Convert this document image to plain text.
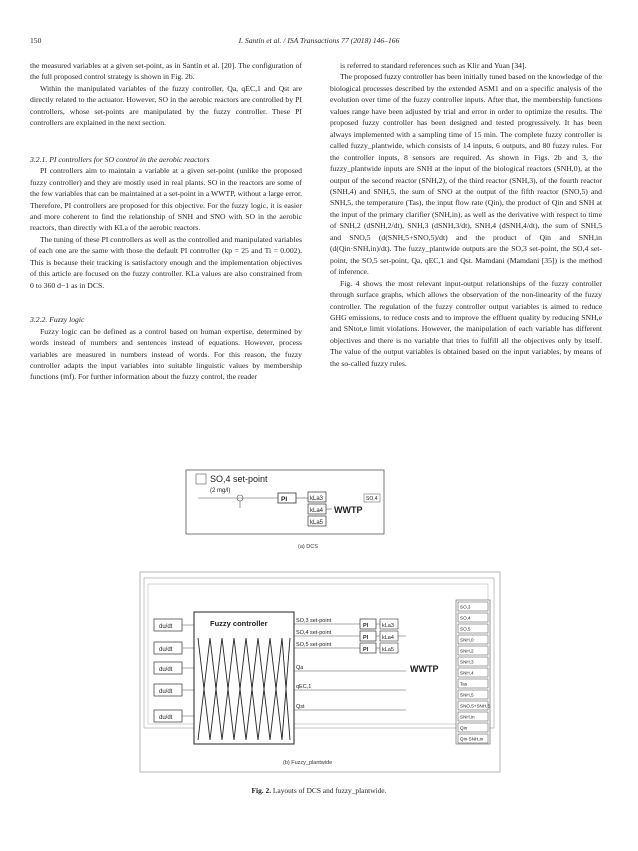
150	I. Santín et al. / ISA Transactions 77 (2018) 146–166

the measured variables at a given set-point, as in Santín et al. [20]. The configuration of the full proposed control strategy is shown in Fig. 2b.

Within the manipulated variables of the fuzzy controller, Qa, qEC,1 and Qst are directly related to the actuator. However, SO in the aerobic reactors are controlled by PI controllers, whose set-points are manipulated by the fuzzy controller. These PI controllers are explained in the next section.

3.2.1. PI controllers for SO control in the aerobic reactors

PI controllers aim to maintain a variable at a given set-point (unlike the proposed fuzzy controller) and they are mostly used in real plants. SO in the reactors are some of the few variables that can be maintained at a set-point in a WWTP, without a large error. Therefore, PI controllers are proposed for this objective. For the fuzzy logic, it is easier and more coherent to find the relationship of SNH and SNO with SO in the aerobic reactors, than directly with KLa of the aerobic reactors.

The tuning of these PI controllers as well as the controlled and manipulated variables of each one are the same with those the default PI controller (kp = 25 and Ti = 0.002). This is because their tracking is satisfactory enough and the implementation objectives of this article are focused on the fuzzy controller. KLa values are also constrained from 0 to 360 d−1 as in DCS.

3.2.2. Fuzzy logic

Fuzzy logic can be defined as a control based on human expertise, determined by words instead of numbers and sentences instead of equations. However, process variables are measured in numbers instead of words. For this reason, the fuzzy controller adapts the input variables into suitable linguistic values by membership functions (mf). For further information about the fuzzy control, the reader

is referred to standard references such as Klir and Yuan [34].

The proposed fuzzy controller has been initially tuned based on the knowledge of the biological processes described by the extended ASM1 and on a specific analysis of the evolution over time of the fuzzy controller inputs. After that, the membership functions values range have been adjusted by trial and error in order to optimize the results. The proposed fuzzy controller has been designed and tested progressively. It has been always implemented with a sampling time of 15 min. The complete fuzzy controller is called fuzzy_plantwide, which consists of 14 inputs, 6 outputs, and 80 fuzzy rules. For the controller inputs, 8 sensors are required. As shown in Figs. 2b and 3, the fuzzy_plantwide inputs are SNH at the input of the biological reactors (SNH,0), at the output of the second reactor (SNH,2), of the third reactor (SNH,3), of the fourth reactor (SNH,4) and SNH,5, the sum of SNO at the output of the fifth reactor (SNO,5) and SNH,5, the temperature (Tas), the input flow rate (Qin), the product of Qin and SNH at the input of the primary clarifier (SNH,in), as well as the derivative with respect to time of SNH,2 (dSNH,2/dt), SNH,3 (dSNH,3/dt), SNH,4 (dSNH,4/dt), the sum of SNH,5 and SNO,5 (d(SNH,5+SNO,5)/dt) and the product of Qin and SNH,in (d(Qin·SNH,in)/dt). The fuzzy_plantwide outputs are the SO,3 set-point, the SO,4 set-point, the SO,5 set-point, Qa, qEC,1 and Qst. Mamdani (Mamdani [35]) is the method of inference.

Fig. 4 shows the most relevant input-output relationships of the fuzzy controller through surface graphs, which allows the observation of the non-linearity of the fuzzy controller. The regulation of the fuzzy controller output variables is aimed to reduce GHG emissions, to reduce costs and to improve the effluent quality by reducing SNH,e and SNtot,e limit violations. However, the manipulation of each variable has different objectives and there is no variable that tries to fulfill all the objectives only by itself. The value of the output variables is obtained based on the input variables, by means of the so-called fuzzy rules.

SO,4 set-point
(2 mg/l)
PI	kLa3
kLa4
kLa5
WWTP
SO,4
(a) DCS
du/dt
du/dt
du/dt
du/dt
du/dt
Fuzzy controller	SO,3 set-point
SO,4 set-point
SO,5 set-point
Qa
qEC,1
Qst
PI
PI
PI
kLa3
kLa4
kLa5
WWTP
SO,3
SO,4
SO,5
SNH,0
SNH,2
SNH,3
SNH,4
Tas
SNH,5
SNO,5+SNH,5
SNH,in
Qin
Qin·SNH,in
(b) Fuzzy_plantwide
Fig. 2. Layouts of DCS and fuzzy_plantwide.
